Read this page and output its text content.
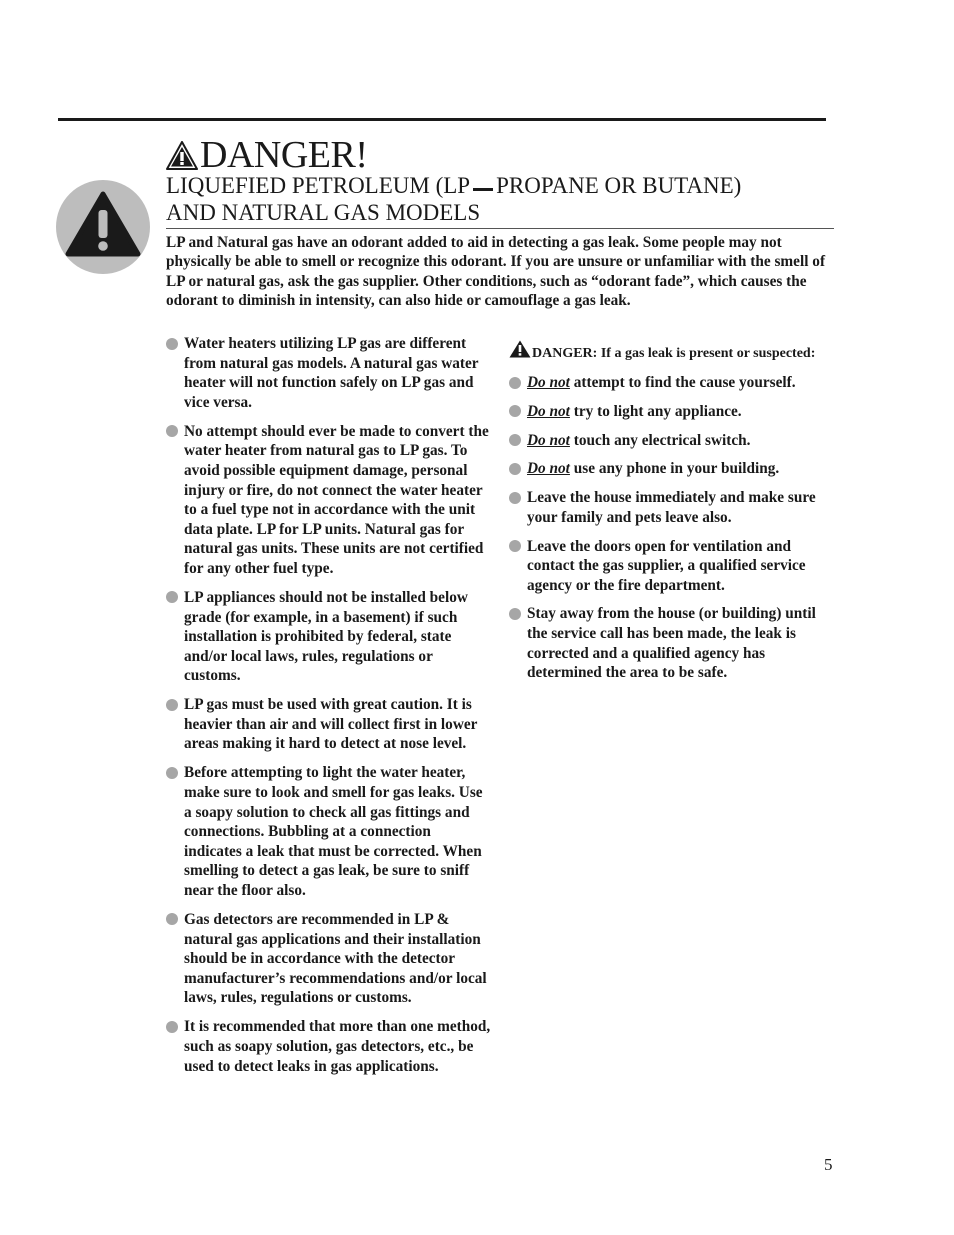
DANGER!
LIQUEFIED PETROLEUM (LP PROPANE OR BUTANE)
AND NATURAL GAS MODELS
LP and Natural gas have an odorant added to aid in detecting a gas leak. Some people may not physically be able to smell or recognize this odorant. If you are unsure or unfamiliar with the smell of LP or natural gas, ask the gas supplier. Other conditions, such as “odorant fade”, which causes the odorant to diminish in intensity, can also hide or camouflage a gas leak.
Water heaters utilizing LP gas are different from natural gas models. A natural gas water heater will not function safely on LP gas and vice versa.
No attempt should ever be made to convert the water heater from natural gas to LP gas. To avoid possible equipment damage, personal injury or fire, do not connect the water heater to a fuel type not in accordance with the unit data plate. LP for LP units. Natural gas for natural gas units. These units are not certified for any other fuel type.
LP appliances should not be installed below grade (for example, in a basement) if such installation is prohibited by federal, state and/or local laws, rules, regulations or customs.
LP gas must be used with great caution. It is heavier than air and will collect first in lower areas making it hard to detect at nose level.
Before attempting to light the water heater, make sure to look and smell for gas leaks. Use a soapy solution to check all gas fittings and connections. Bubbling at a connection indicates a leak that must be corrected. When smelling to detect a gas leak, be sure to sniff near the floor also.
Gas detectors are recommended in LP & natural gas applications and their installation should be in accordance with the detector manufacturer’s recommendations and/or local laws, rules, regulations or customs.
It is recommended that more than one method, such as soapy solution, gas detectors, etc., be used to detect leaks in gas applications.
DANGER: If a gas leak is present or suspected:
Do not attempt to find the cause yourself.
Do not try to light any appliance.
Do not touch any electrical switch.
Do not use any phone in your building.
Leave the house immediately and make sure your family and pets leave also.
Leave the doors open for ventilation and contact the gas supplier, a qualified service agency or the fire department.
Stay away from the house (or building) until the service call has been made, the leak is corrected and a qualified agency has determined the area to be safe.
5
